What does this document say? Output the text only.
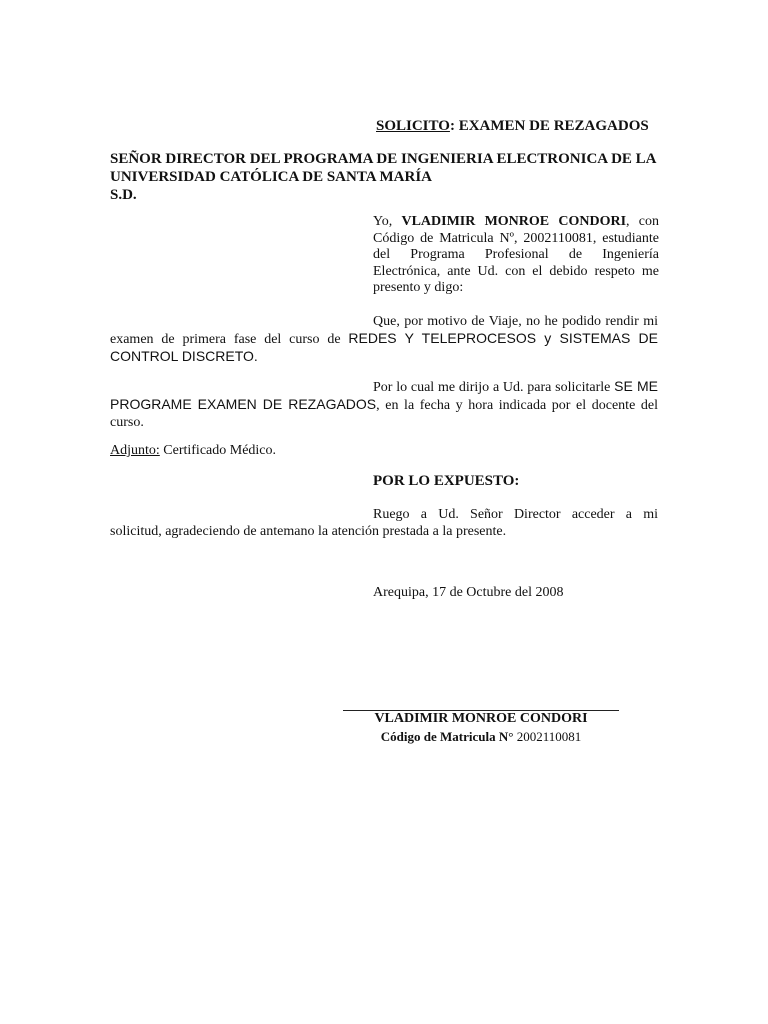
SOLICITO: EXAMEN DE REZAGADOS
SEÑOR DIRECTOR DEL PROGRAMA DE INGENIERIA ELECTRONICA DE LA UNIVERSIDAD CATÓLICA DE SANTA MARÍA
S.D.
Yo, VLADIMIR MONROE CONDORI, con Código de Matricula Nº, 2002110081, estudiante del Programa Profesional de Ingeniería Electrónica, ante Ud. con el debido respeto me presento y digo:
Que, por motivo de Viaje, no he podido rendir mi examen de primera fase del curso de REDES Y TELEPROCESOS y SISTEMAS DE CONTROL DISCRETO.
Por lo cual me dirijo a Ud. para solicitarle SE ME PROGRAME EXAMEN DE REZAGADOS, en la fecha y hora indicada por el docente del curso.
Adjunto: Certificado Médico.
POR LO EXPUESTO:
Ruego a Ud. Señor Director acceder a mi solicitud, agradeciendo de antemano la atención prestada a la presente.
Arequipa, 17 de Octubre del 2008
VLADIMIR MONROE CONDORI
Código de Matricula N° 2002110081
